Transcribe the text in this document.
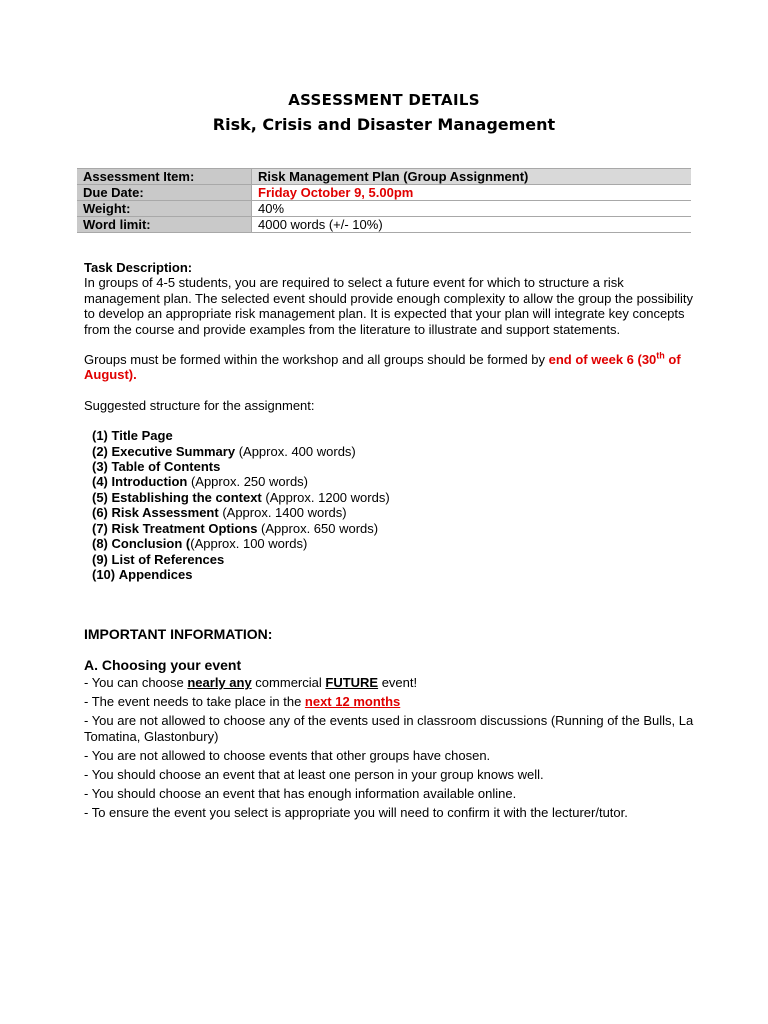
ASSESSMENT DETAILS

Risk, Crisis and Disaster Management

Assessment Item:	Risk Management Plan (Group Assignment)
Due Date:	Friday October 9, 5.00pm
Weight:	40%
Word limit:	4000 words (+/- 10%)

Task Description:

In groups of 4-5 students, you are required to select a future event for which to structure a risk management plan. The selected event should provide enough complexity to allow the group the possibility to develop an appropriate risk management plan. It is expected that your plan will integrate key concepts from the course and provide examples from the literature to illustrate and support statements.

Groups must be formed within the workshop and all groups should be formed by end of week 6 (30th of August).

Suggested structure for the assignment:

(1) Title Page
(2) Executive Summary (Approx. 400 words)
(3) Table of Contents
(4) Introduction (Approx. 250 words)
(5) Establishing the context (Approx. 1200 words)
(6) Risk Assessment (Approx. 1400 words)
(7) Risk Treatment Options (Approx. 650 words)
(8) Conclusion ((Approx. 100 words)
(9) List of References
(10) Appendices

IMPORTANT INFORMATION:

A. Choosing your event

- You can choose nearly any commercial FUTURE event!
- The event needs to take place in the next 12 months
- You are not allowed to choose any of the events used in classroom discussions (Running of the Bulls, La Tomatina, Glastonbury)
- You are not allowed to choose events that other groups have chosen.
- You should choose an event that at least one person in your group knows well.
- You should choose an event that has enough information available online.
- To ensure the event you select is appropriate you will need to confirm it with the lecturer/tutor.
